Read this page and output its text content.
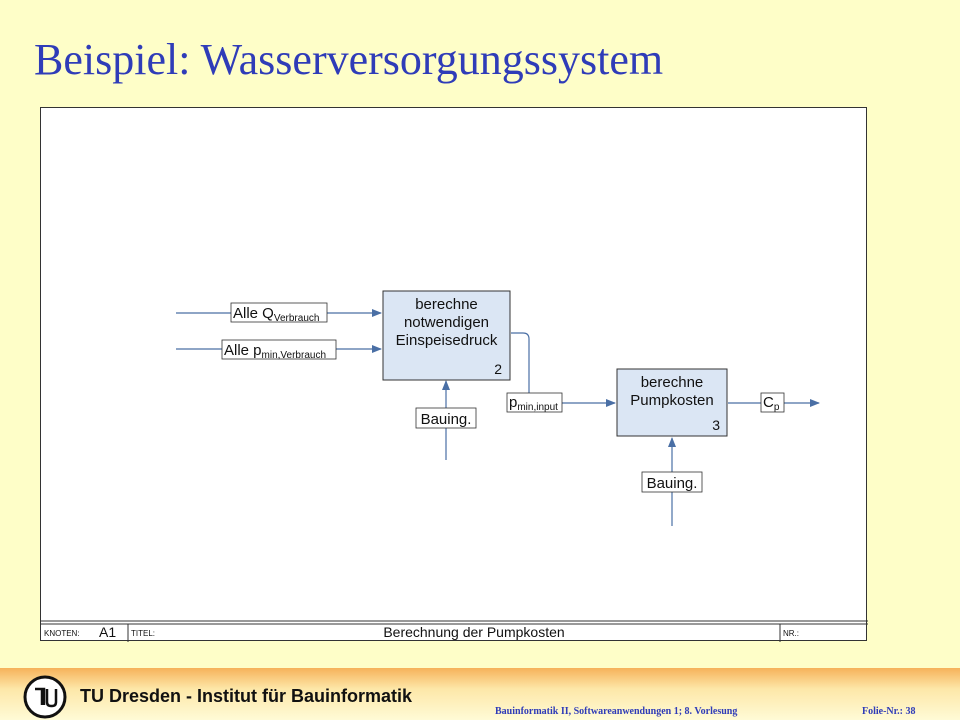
Beispiel: Wasserversorgungssystem
berechne
notwendigen
Einspeisedruck
2
berechne
Pumpkosten
3
Alle $Q_{Verbrauch}$
Alle $p_{min,Verbrauch}$
$p_{min,input}$	$C_p$
Bauing.
Bauing.
KNOTEN: A1 TITEL:	Berechnung der Pumpkosten	NR.:
TU Dresden - Institut für Bauinformatik
Bauinformatik II, Softwareanwendungen 1; 8. Vorlesung	Folie-Nr.: 38
